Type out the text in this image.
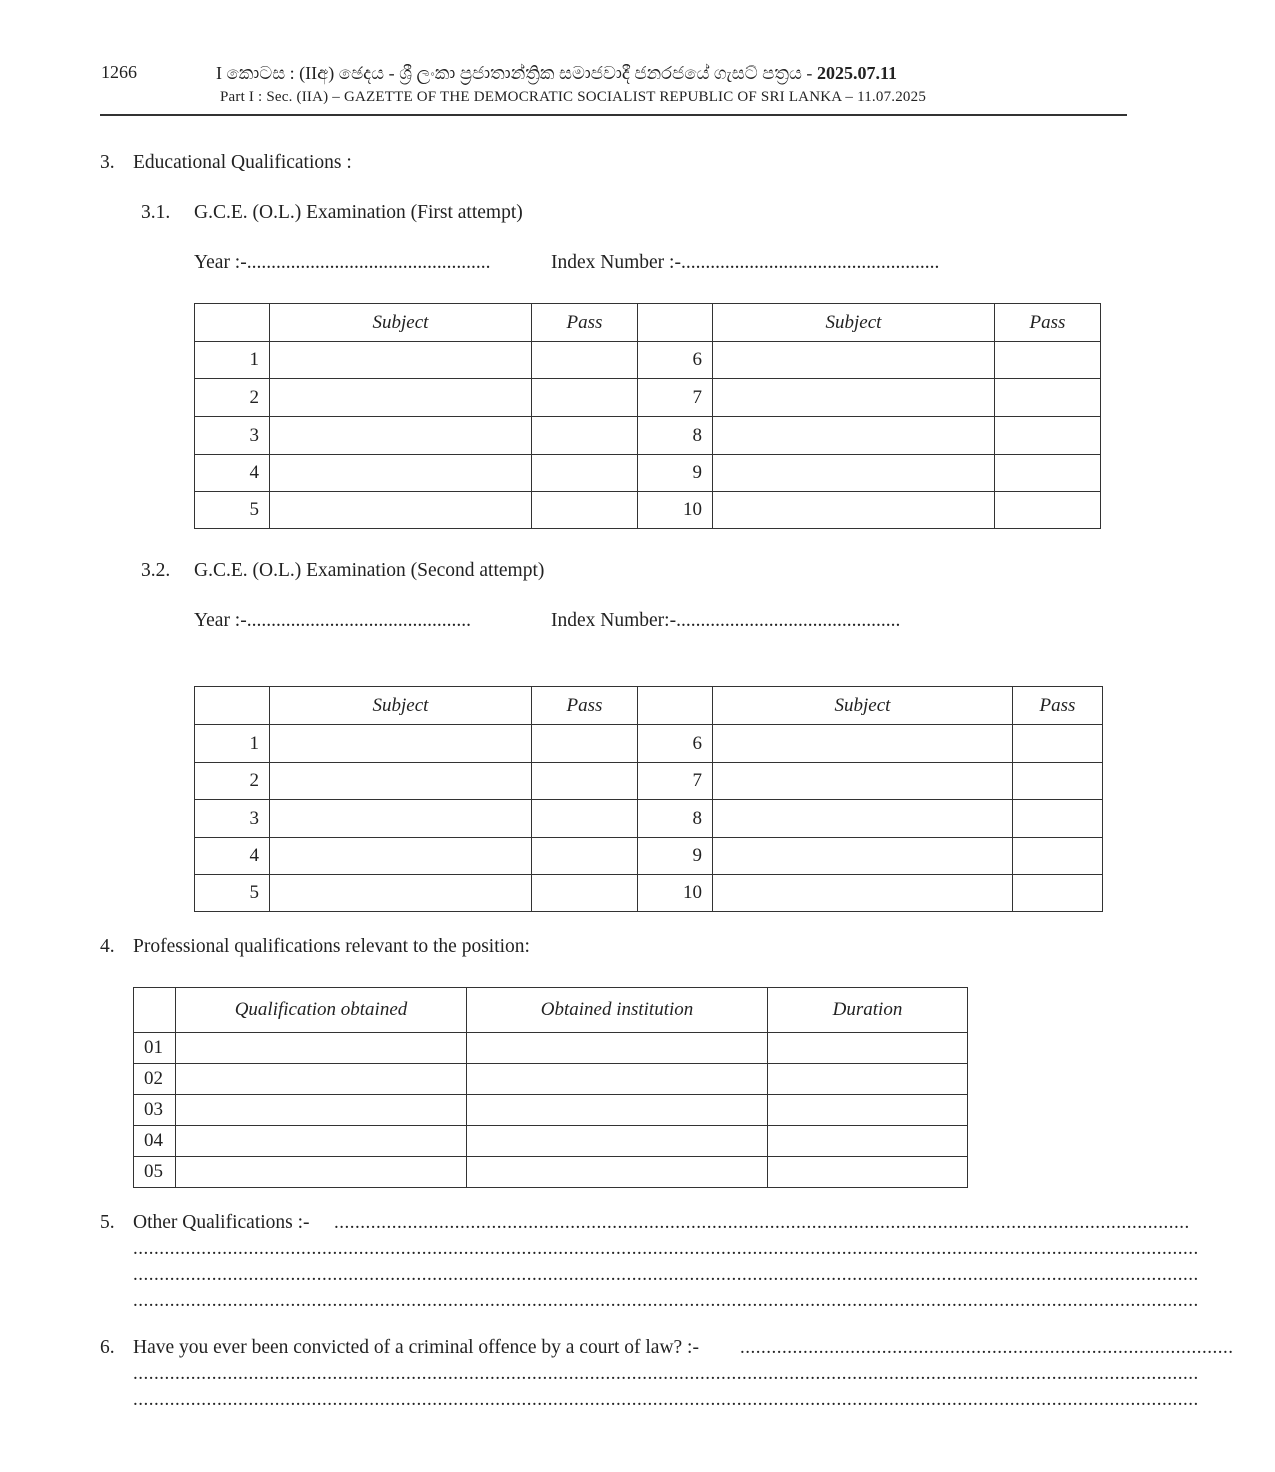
1266	I කොටස : (IIඅ) ඡෙදය - ශ්‍රී ලංකා ප්‍රජාතාන්ත්‍රික සමාජවාදී ජනරජයේ ගැසට් පත්‍රය - 2025.07.11
Part I : Sec. (IIA) – GAZETTE OF THE DEMOCRATIC SOCIALIST REPUBLIC OF SRI LANKA – 11.07.2025
3. Educational Qualifications :
3.1. G.C.E. (O.L.) Examination (First attempt)
Year :-..................................................	Index Number :-.....................................................
	Subject	Pass		Subject	Pass
1			6		
2			7		
3			8		
4			9		
5			10		
3.2. G.C.E. (O.L.) Examination (Second attempt)
Year :-..............................................	Index Number:-..............................................
	Subject	Pass		Subject	Pass
1			6		
2			7		
3			8		
4			9		
5			10		
4. Professional qualifications relevant to the position:
	Qualification obtained	Obtained institution	Duration
01			
02			
03			
04			
05			
5. Other Qualifications :- ...................................................................................................................................................................
...........................................................................................................................................................................................................
...........................................................................................................................................................................................................
...........................................................................................................................................................................................................
6. Have you ever been convicted of a criminal offence by a court of law? :- ..............................................................................................
...........................................................................................................................................................................................................
...........................................................................................................................................................................................................
